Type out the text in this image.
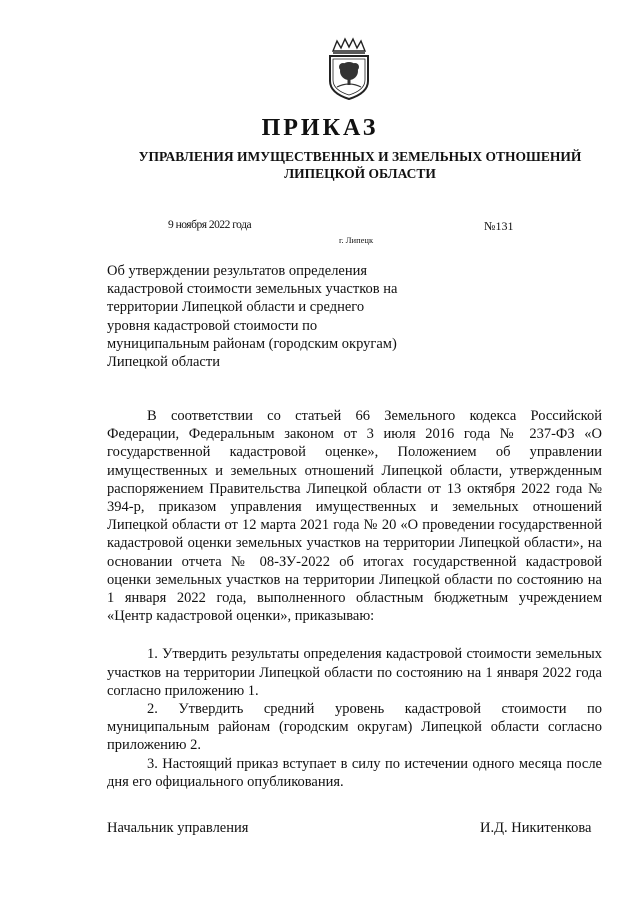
ПРИКАЗ
УПРАВЛЕНИЯ ИМУЩЕСТВЕННЫХ И ЗЕМЕЛЬНЫХ ОТНОШЕНИЙ
ЛИПЕЦКОЙ ОБЛАСТИ
9 ноября 2022 года	№131
г. Липецк
Об утверждении результатов определения
кадастровой стоимости земельных участков на
территории Липецкой области и среднего
уровня кадастровой стоимости по
муниципальным районам (городским округам)
Липецкой области

В соответствии со статьей 66 Земельного кодекса Российской Федерации, Федеральным законом от 3 июля 2016 года № 237-ФЗ «О государственной кадастровой оценке», Положением об управлении имущественных и земельных отношений Липецкой области, утвержденным распоряжением Правительства Липецкой области от 13 октября 2022 года № 394-р, приказом управления имущественных и земельных отношений Липецкой области от 12 марта 2021 года № 20 «О проведении государственной кадастровой оценки земельных участков на территории Липецкой области», на основании отчета № 08-ЗУ-2022 об итогах государственной кадастровой оценки земельных участков на территории Липецкой области по состоянию на 1 января 2022 года, выполненного областным бюджетным учреждением «Центр кадастровой оценки», приказываю:

1. Утвердить результаты определения кадастровой стоимости земельных участков на территории Липецкой области по состоянию на 1 января 2022 года согласно приложению 1.

2. Утвердить средний уровень кадастровой стоимости по муниципальным районам (городским округам) Липецкой области согласно приложению 2.

3. Настоящий приказ вступает в силу по истечении одного месяца после дня его официального опубликования.

Начальник управления	И.Д. Никитенкова
